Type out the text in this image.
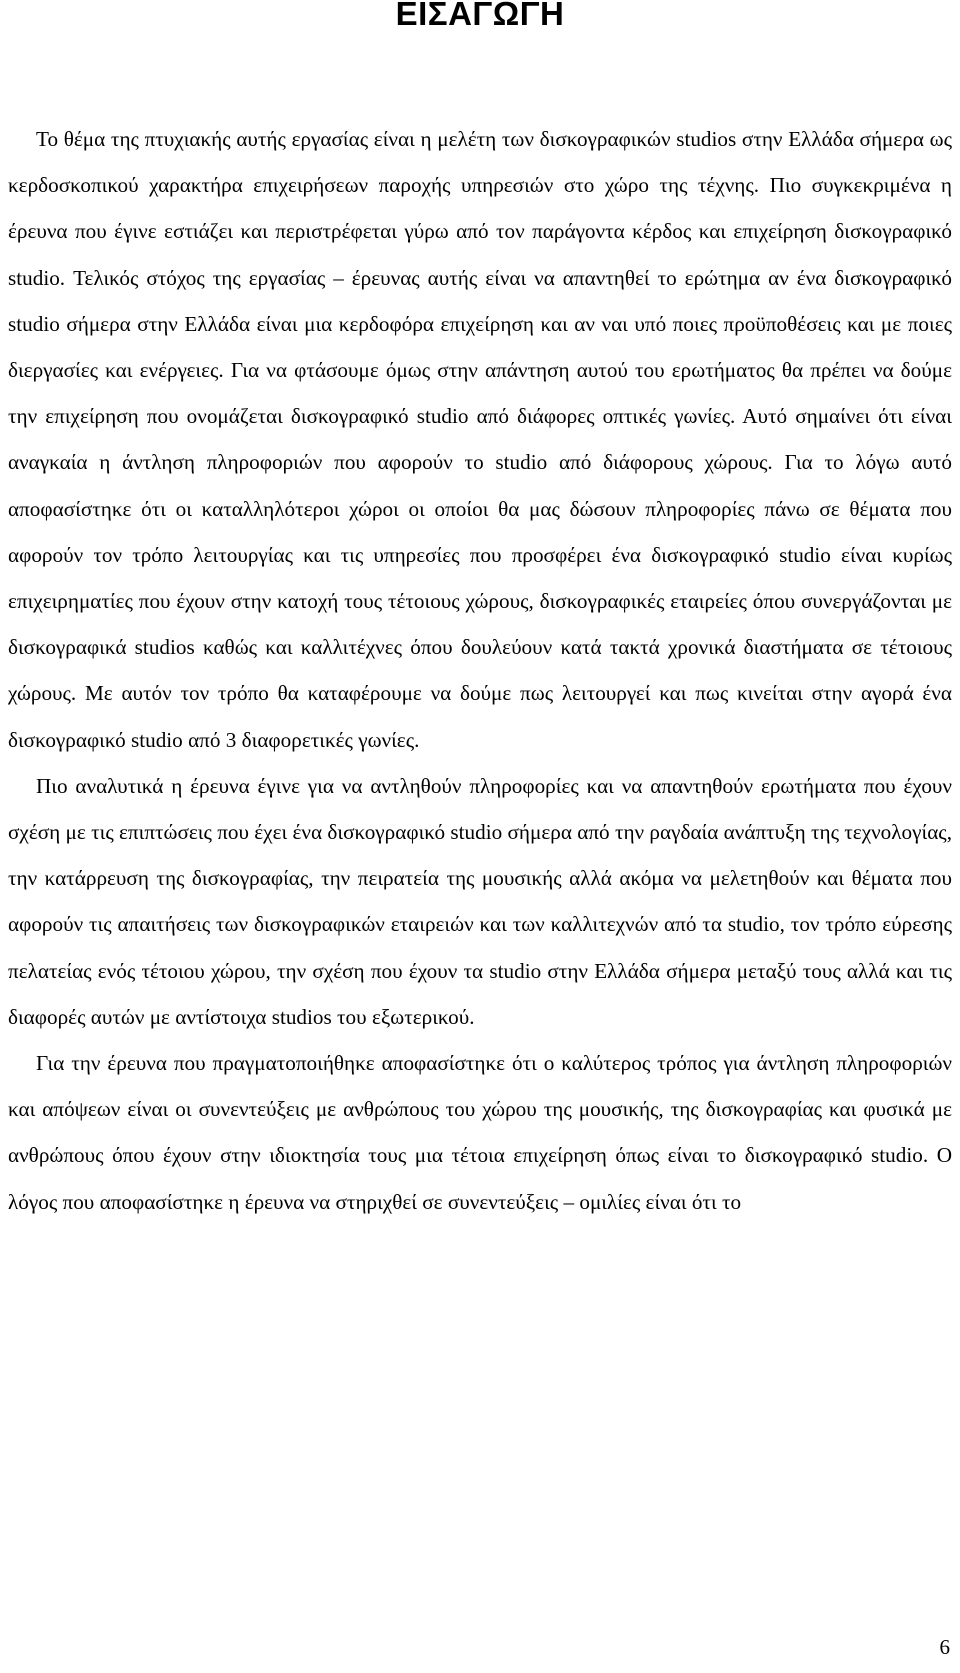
ΕΙΣΑΓΩΓΗ

Το θέμα της πτυχιακής αυτής εργασίας είναι η μελέτη των δισκογραφικών studios στην Ελλάδα σήμερα ως κερδοσκοπικού χαρακτήρα επιχειρήσεων παροχής υπηρεσιών στο χώρο της τέχνης. Πιο συγκεκριμένα η έρευνα που έγινε εστιάζει και περιστρέφεται γύρω από τον παράγοντα κέρδος και επιχείρηση δισκογραφικό studio. Τελικός στόχος της εργασίας – έρευνας αυτής είναι να απαντηθεί το ερώτημα αν ένα δισκογραφικό studio σήμερα στην Ελλάδα είναι μια κερδοφόρα επιχείρηση και αν ναι υπό ποιες προϋποθέσεις και με ποιες διεργασίες και ενέργειες. Για να φτάσουμε όμως στην απάντηση αυτού του ερωτήματος θα πρέπει να δούμε την επιχείρηση που ονομάζεται δισκογραφικό studio από διάφορες οπτικές γωνίες. Αυτό σημαίνει ότι είναι αναγκαία η άντληση πληροφοριών που αφορούν το studio από διάφορους χώρους. Για το λόγω αυτό αποφασίστηκε ότι οι καταλληλότεροι χώροι οι οποίοι θα μας δώσουν πληροφορίες πάνω σε θέματα που αφορούν τον τρόπο λειτουργίας και τις υπηρεσίες που προσφέρει ένα δισκογραφικό studio είναι κυρίως επιχειρηματίες που έχουν στην κατοχή τους τέτοιους χώρους, δισκογραφικές εταιρείες όπου συνεργάζονται με δισκογραφικά studios καθώς και καλλιτέχνες όπου δουλεύουν κατά τακτά χρονικά διαστήματα σε τέτοιους χώρους. Με αυτόν τον τρόπο θα καταφέρουμε να δούμε πως λειτουργεί και πως κινείται στην αγορά ένα δισκογραφικό studio από 3 διαφορετικές γωνίες.

Πιο αναλυτικά η έρευνα έγινε για να αντληθούν πληροφορίες και να απαντηθούν ερωτήματα που έχουν σχέση με τις επιπτώσεις που έχει ένα δισκογραφικό studio σήμερα από την ραγδαία ανάπτυξη της τεχνολογίας, την κατάρρευση της δισκογραφίας, την πειρατεία της μουσικής αλλά ακόμα να μελετηθούν και θέματα που αφορούν τις απαιτήσεις των δισκογραφικών εταιρειών και των καλλιτεχνών από τα studio, τον τρόπο εύρεσης πελατείας ενός τέτοιου χώρου, την σχέση που έχουν τα studio στην Ελλάδα σήμερα μεταξύ τους αλλά και τις διαφορές αυτών με αντίστοιχα studios του εξωτερικού.

Για την έρευνα που πραγματοποιήθηκε αποφασίστηκε ότι ο καλύτερος τρόπος για άντληση πληροφοριών και απόψεων είναι οι συνεντεύξεις με ανθρώπους του χώρου της μουσικής, της δισκογραφίας και φυσικά με ανθρώπους όπου έχουν στην ιδιοκτησία τους μια τέτοια επιχείρηση όπως είναι το δισκογραφικό studio. Ο λόγος που αποφασίστηκε η έρευνα να στηριχθεί σε συνεντεύξεις – ομιλίες είναι ότι το

6
